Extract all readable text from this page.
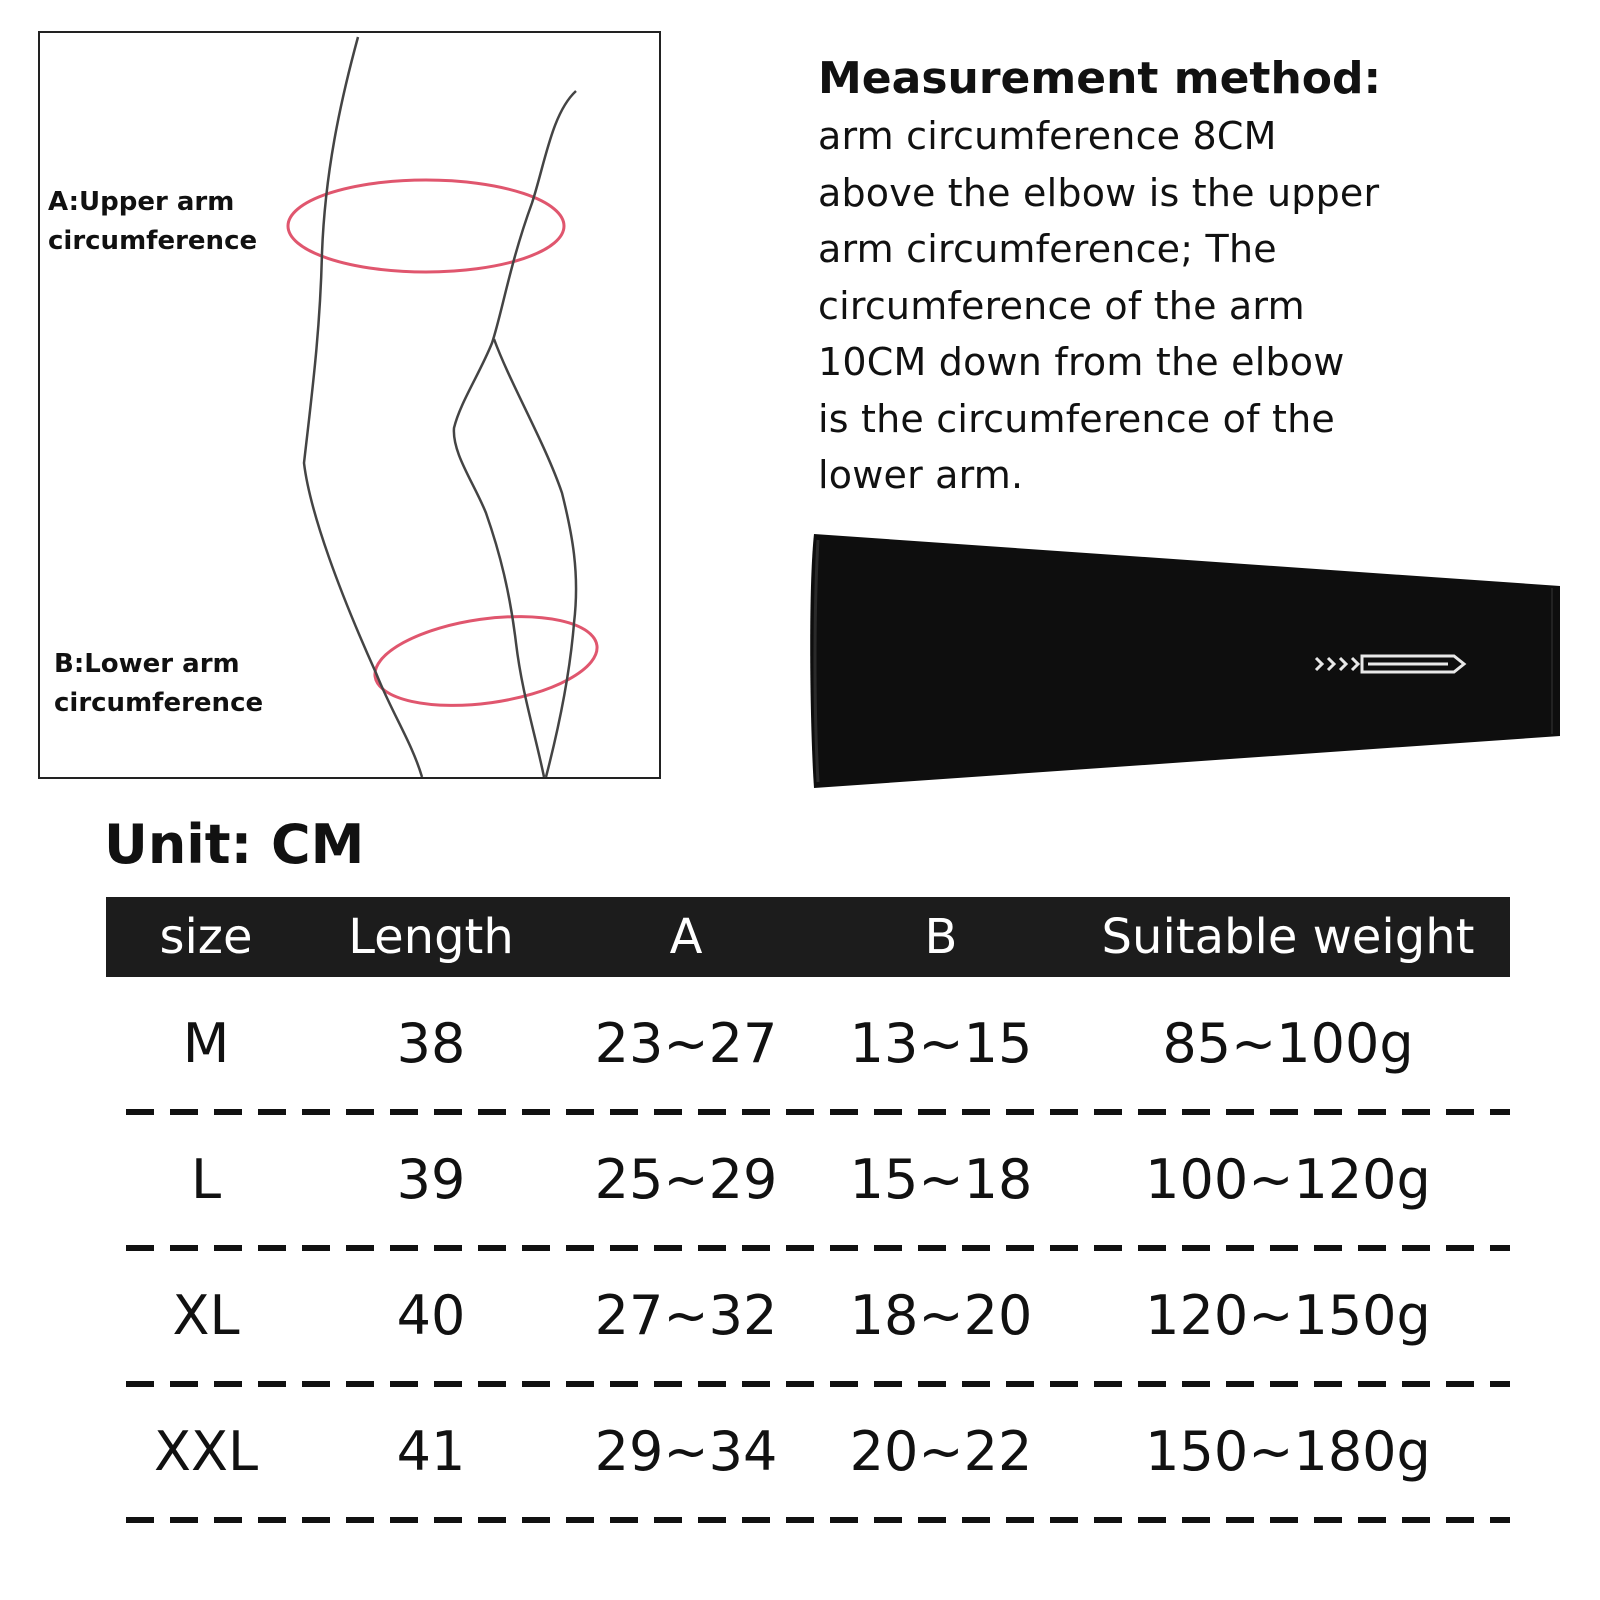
A:Upper arm
circumference
B:Lower arm
circumference
Measurement method:

arm circumference 8CM

above the elbow is the upper

arm circumference; The

circumference of the arm

10CM down from the elbow

is the circumference of the

lower arm.

Unit: CM
size	Length	A	B	Suitable weight
M	38	23~27	13~15	85~100g
L	39	25~29	15~18	100~120g
XL	40	27~32	18~20	120~150g
XXL	41	29~34	20~22	150~180g
